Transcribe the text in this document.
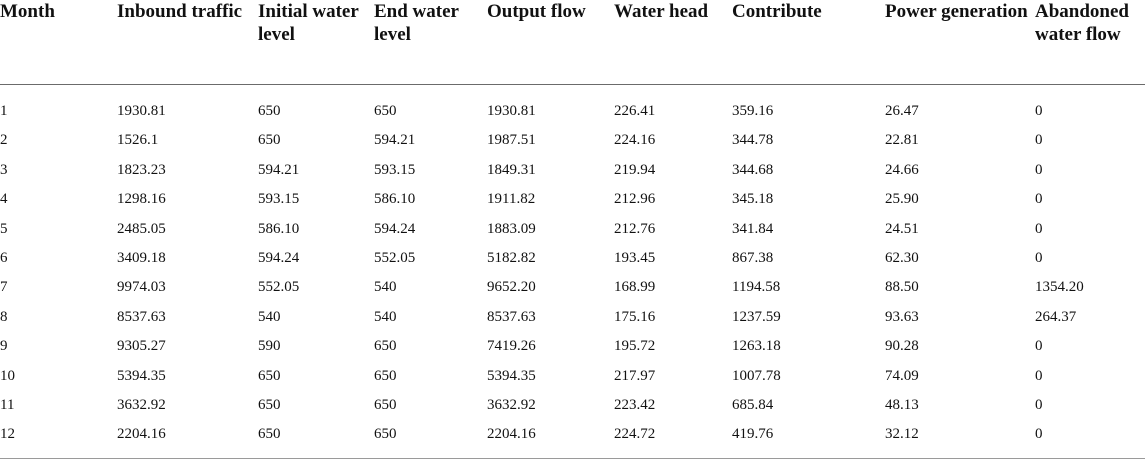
Month	Inbound traffic	Initial water level	End water level	Output flow	Water head	Contribute	Power generation	Abandoned water flow
1	1930.81	650	650	1930.81	226.41	359.16	26.47	0
2	1526.1	650	594.21	1987.51	224.16	344.78	22.81	0
3	1823.23	594.21	593.15	1849.31	219.94	344.68	24.66	0
4	1298.16	593.15	586.10	1911.82	212.96	345.18	25.90	0
5	2485.05	586.10	594.24	1883.09	212.76	341.84	24.51	0
6	3409.18	594.24	552.05	5182.82	193.45	867.38	62.30	0
7	9974.03	552.05	540	9652.20	168.99	1194.58	88.50	1354.20
8	8537.63	540	540	8537.63	175.16	1237.59	93.63	264.37
9	9305.27	590	650	7419.26	195.72	1263.18	90.28	0
10	5394.35	650	650	5394.35	217.97	1007.78	74.09	0
11	3632.92	650	650	3632.92	223.42	685.84	48.13	0
12	2204.16	650	650	2204.16	224.72	419.76	32.12	0
